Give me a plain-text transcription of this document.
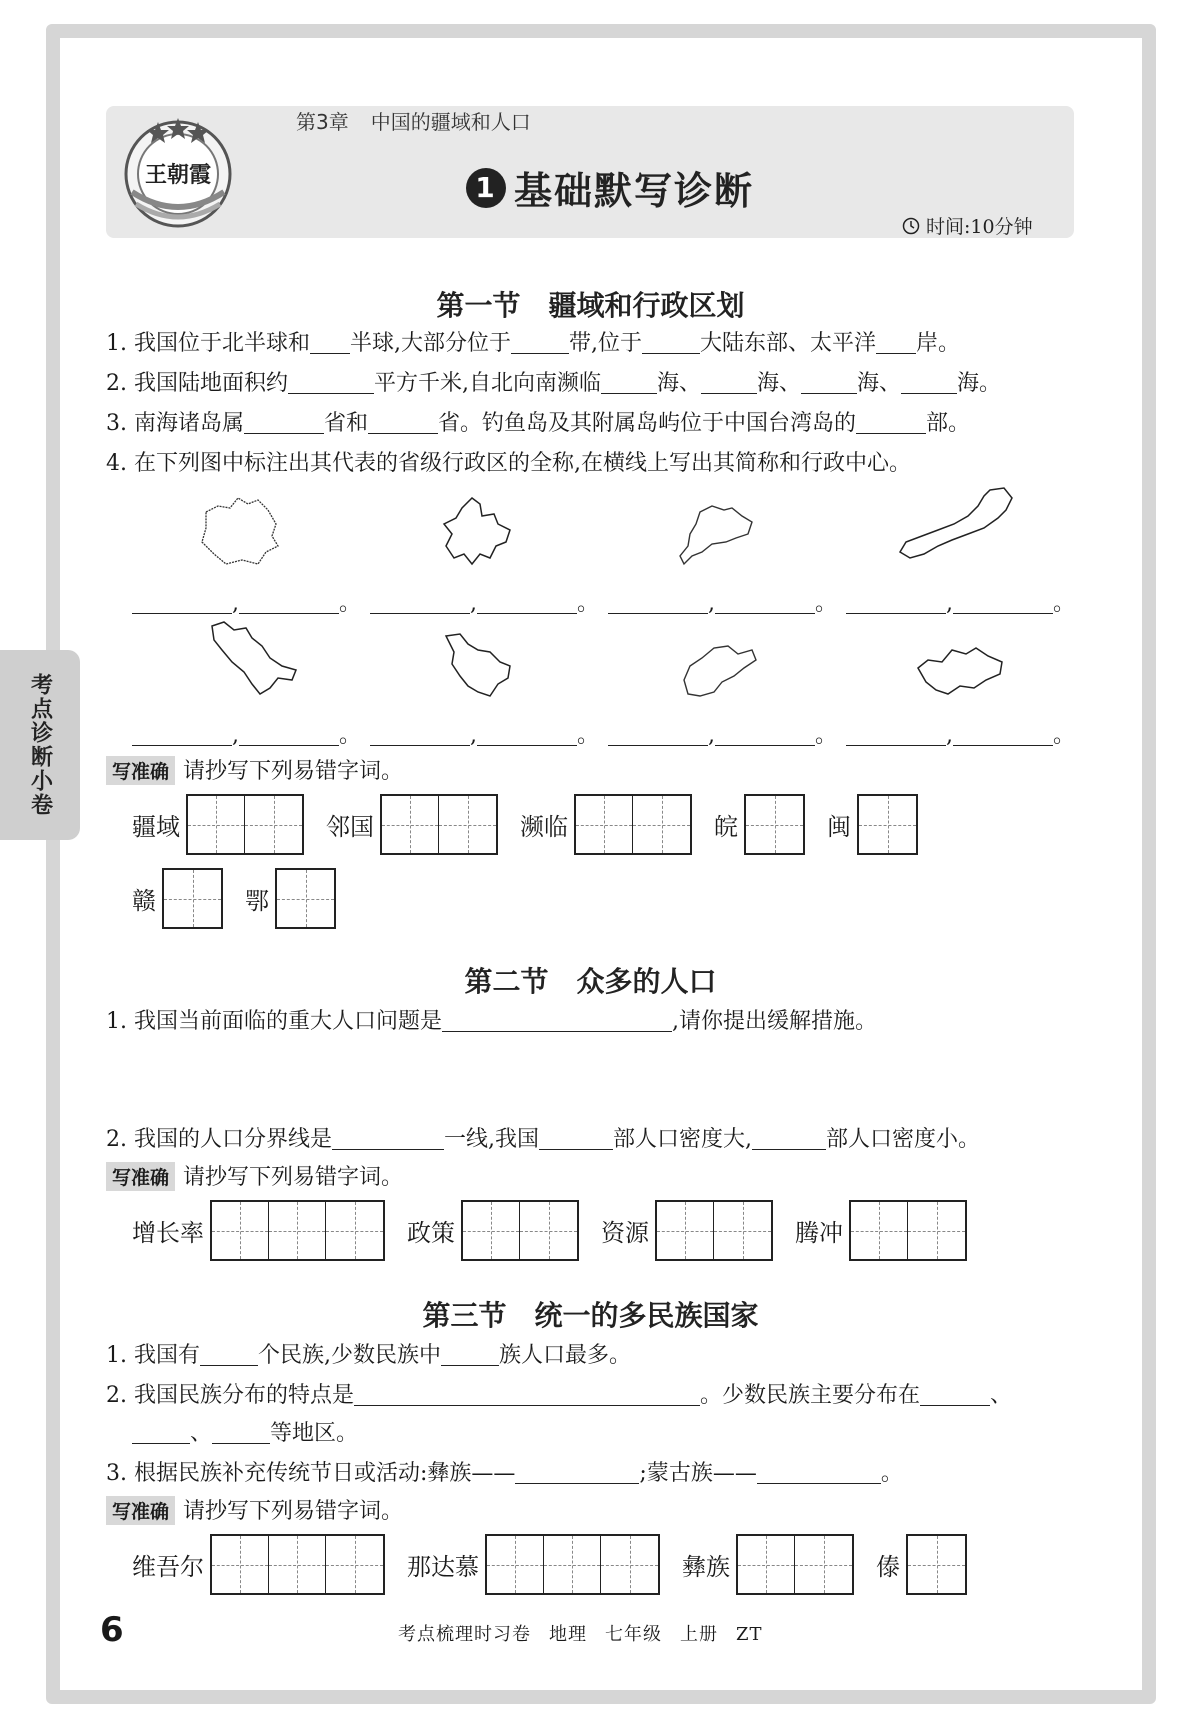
王朝霞
第3章 中国的疆域和人口
1 基础默写诊断
时间:10分钟
考点诊断小卷
第一节　疆域和行政区划
1. 我国位于北半球和 半球,大部分位于	带,位于	大陆东部、太平洋 岸。
2. 我国陆地面积约	平方千米,自北向南濒临	海、	海、	海、	海。
3. 南海诸岛属	省和	省。钓鱼岛及其附属岛屿位于中国台湾岛的	部。
4. 在下列图中标注出其代表的省级行政区的全称,在横线上写出其简称和行政中心。
,	。	,	。	,	。	,	。
,	。	,	。	,	。	,	。
写准确 请抄写下列易错字词。
疆域	邻国	濒临	皖	闽
赣	鄂
第二节　众多的人口
1. 我国当前面临的重大人口问题是	,请你提出缓解措施。
2. 我国的人口分界线是	一线,我国	部人口密度大,	部人口密度小。
写准确 请抄写下列易错字词。
增长率	政策	资源	腾冲
第三节　统一的多民族国家
1. 我国有	个民族,少数民族中	族人口最多。
2. 我国民族分布的特点是	。少数民族主要分布在	、
、	等地区。
3. 根据民族补充传统节日或活动:彝族——	;蒙古族——	。
写准确 请抄写下列易错字词。
维吾尔	那达慕	彝族	傣
6	考点梳理时习卷 地理 七年级 上册 ZT
